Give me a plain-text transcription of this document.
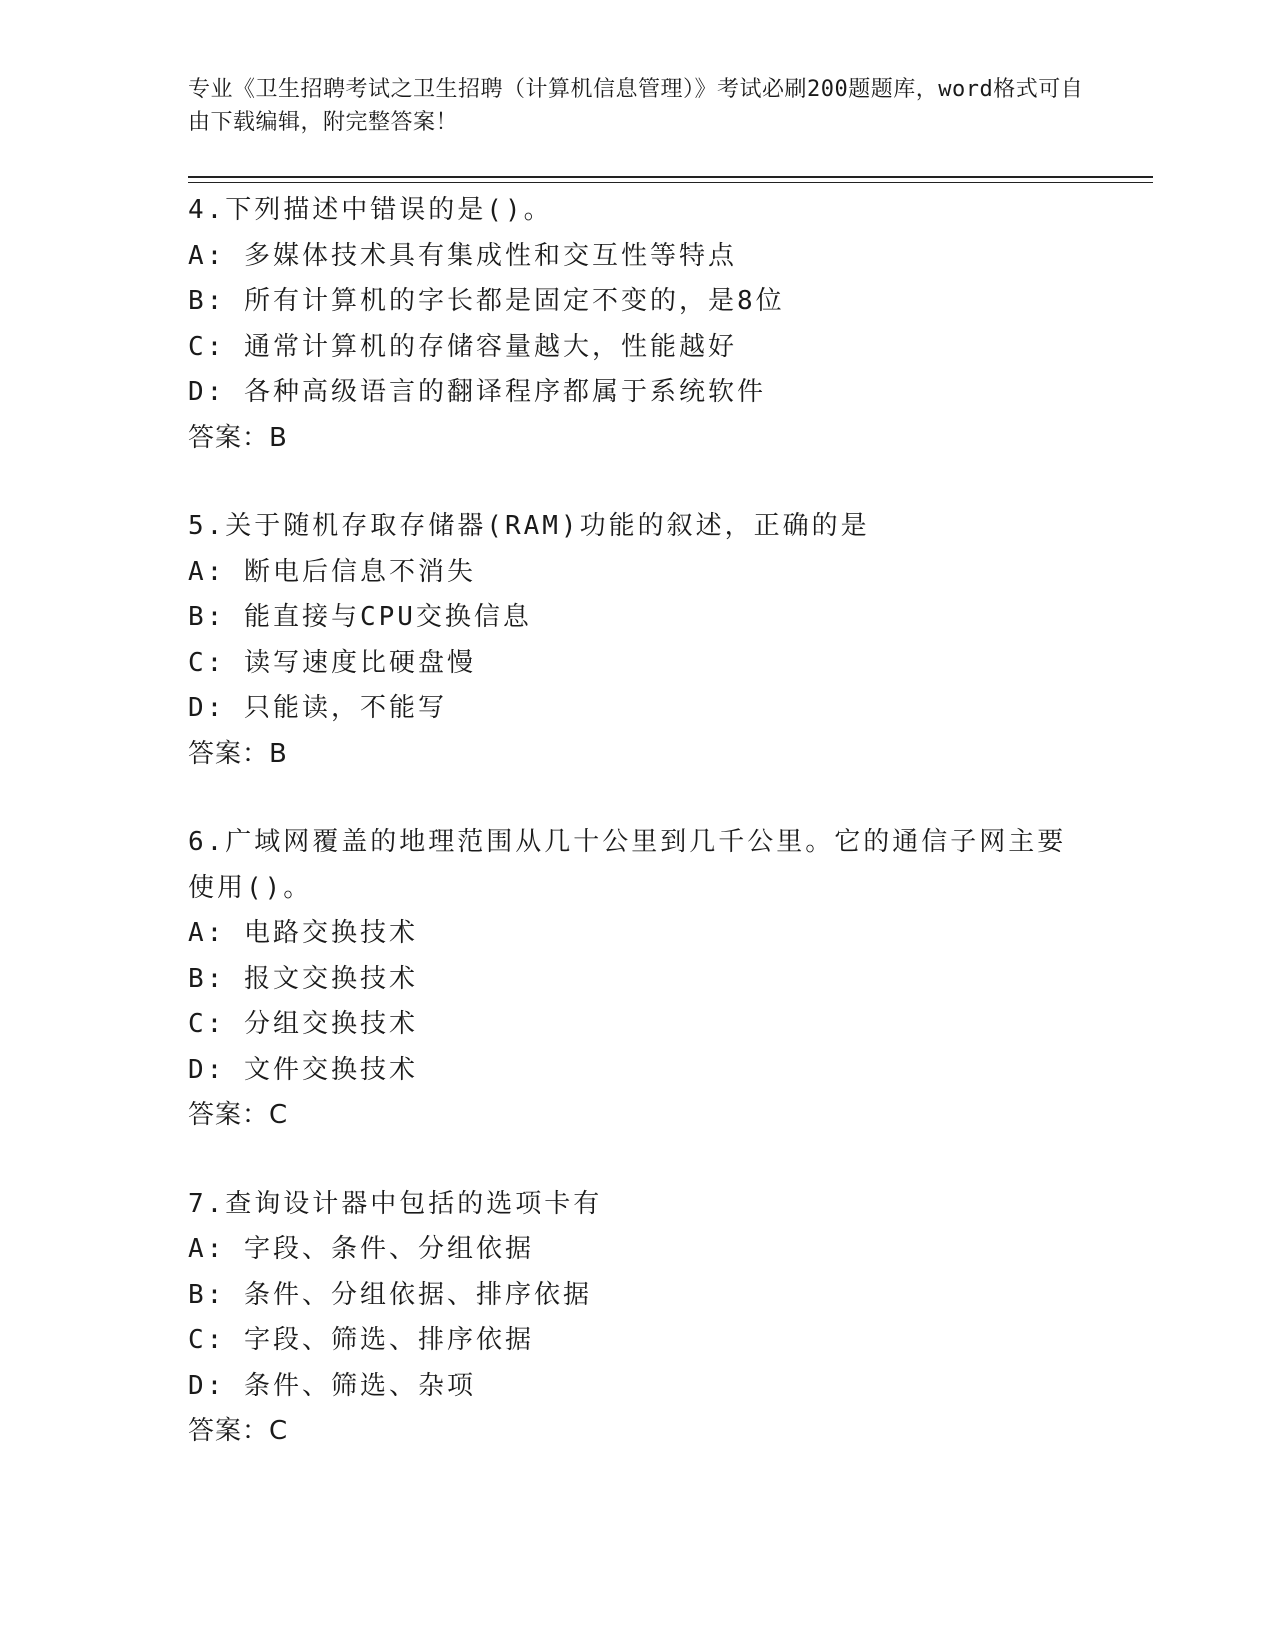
专业《卫生招聘考试之卫生招聘（计算机信息管理）》考试必刷200题题库，word格式可自由下载编辑，附完整答案！
4.下列描述中错误的是()。
A: 多媒体技术具有集成性和交互性等特点
B: 所有计算机的字长都是固定不变的，是8位
C: 通常计算机的存储容量越大，性能越好
D: 各种高级语言的翻译程序都属于系统软件
答案：B
5.关于随机存取存储器(RAM)功能的叙述，正确的是
A: 断电后信息不消失
B: 能直接与CPU交换信息
C: 读写速度比硬盘慢
D: 只能读，不能写
答案：B
6.广域网覆盖的地理范围从几十公里到几千公里。它的通信子网主要使用()。
A: 电路交换技术
B: 报文交换技术
C: 分组交换技术
D: 文件交换技术
答案：C
7.查询设计器中包括的选项卡有
A: 字段、条件、分组依据
B: 条件、分组依据、排序依据
C: 字段、筛选、排序依据
D: 条件、筛选、杂项
答案：C
